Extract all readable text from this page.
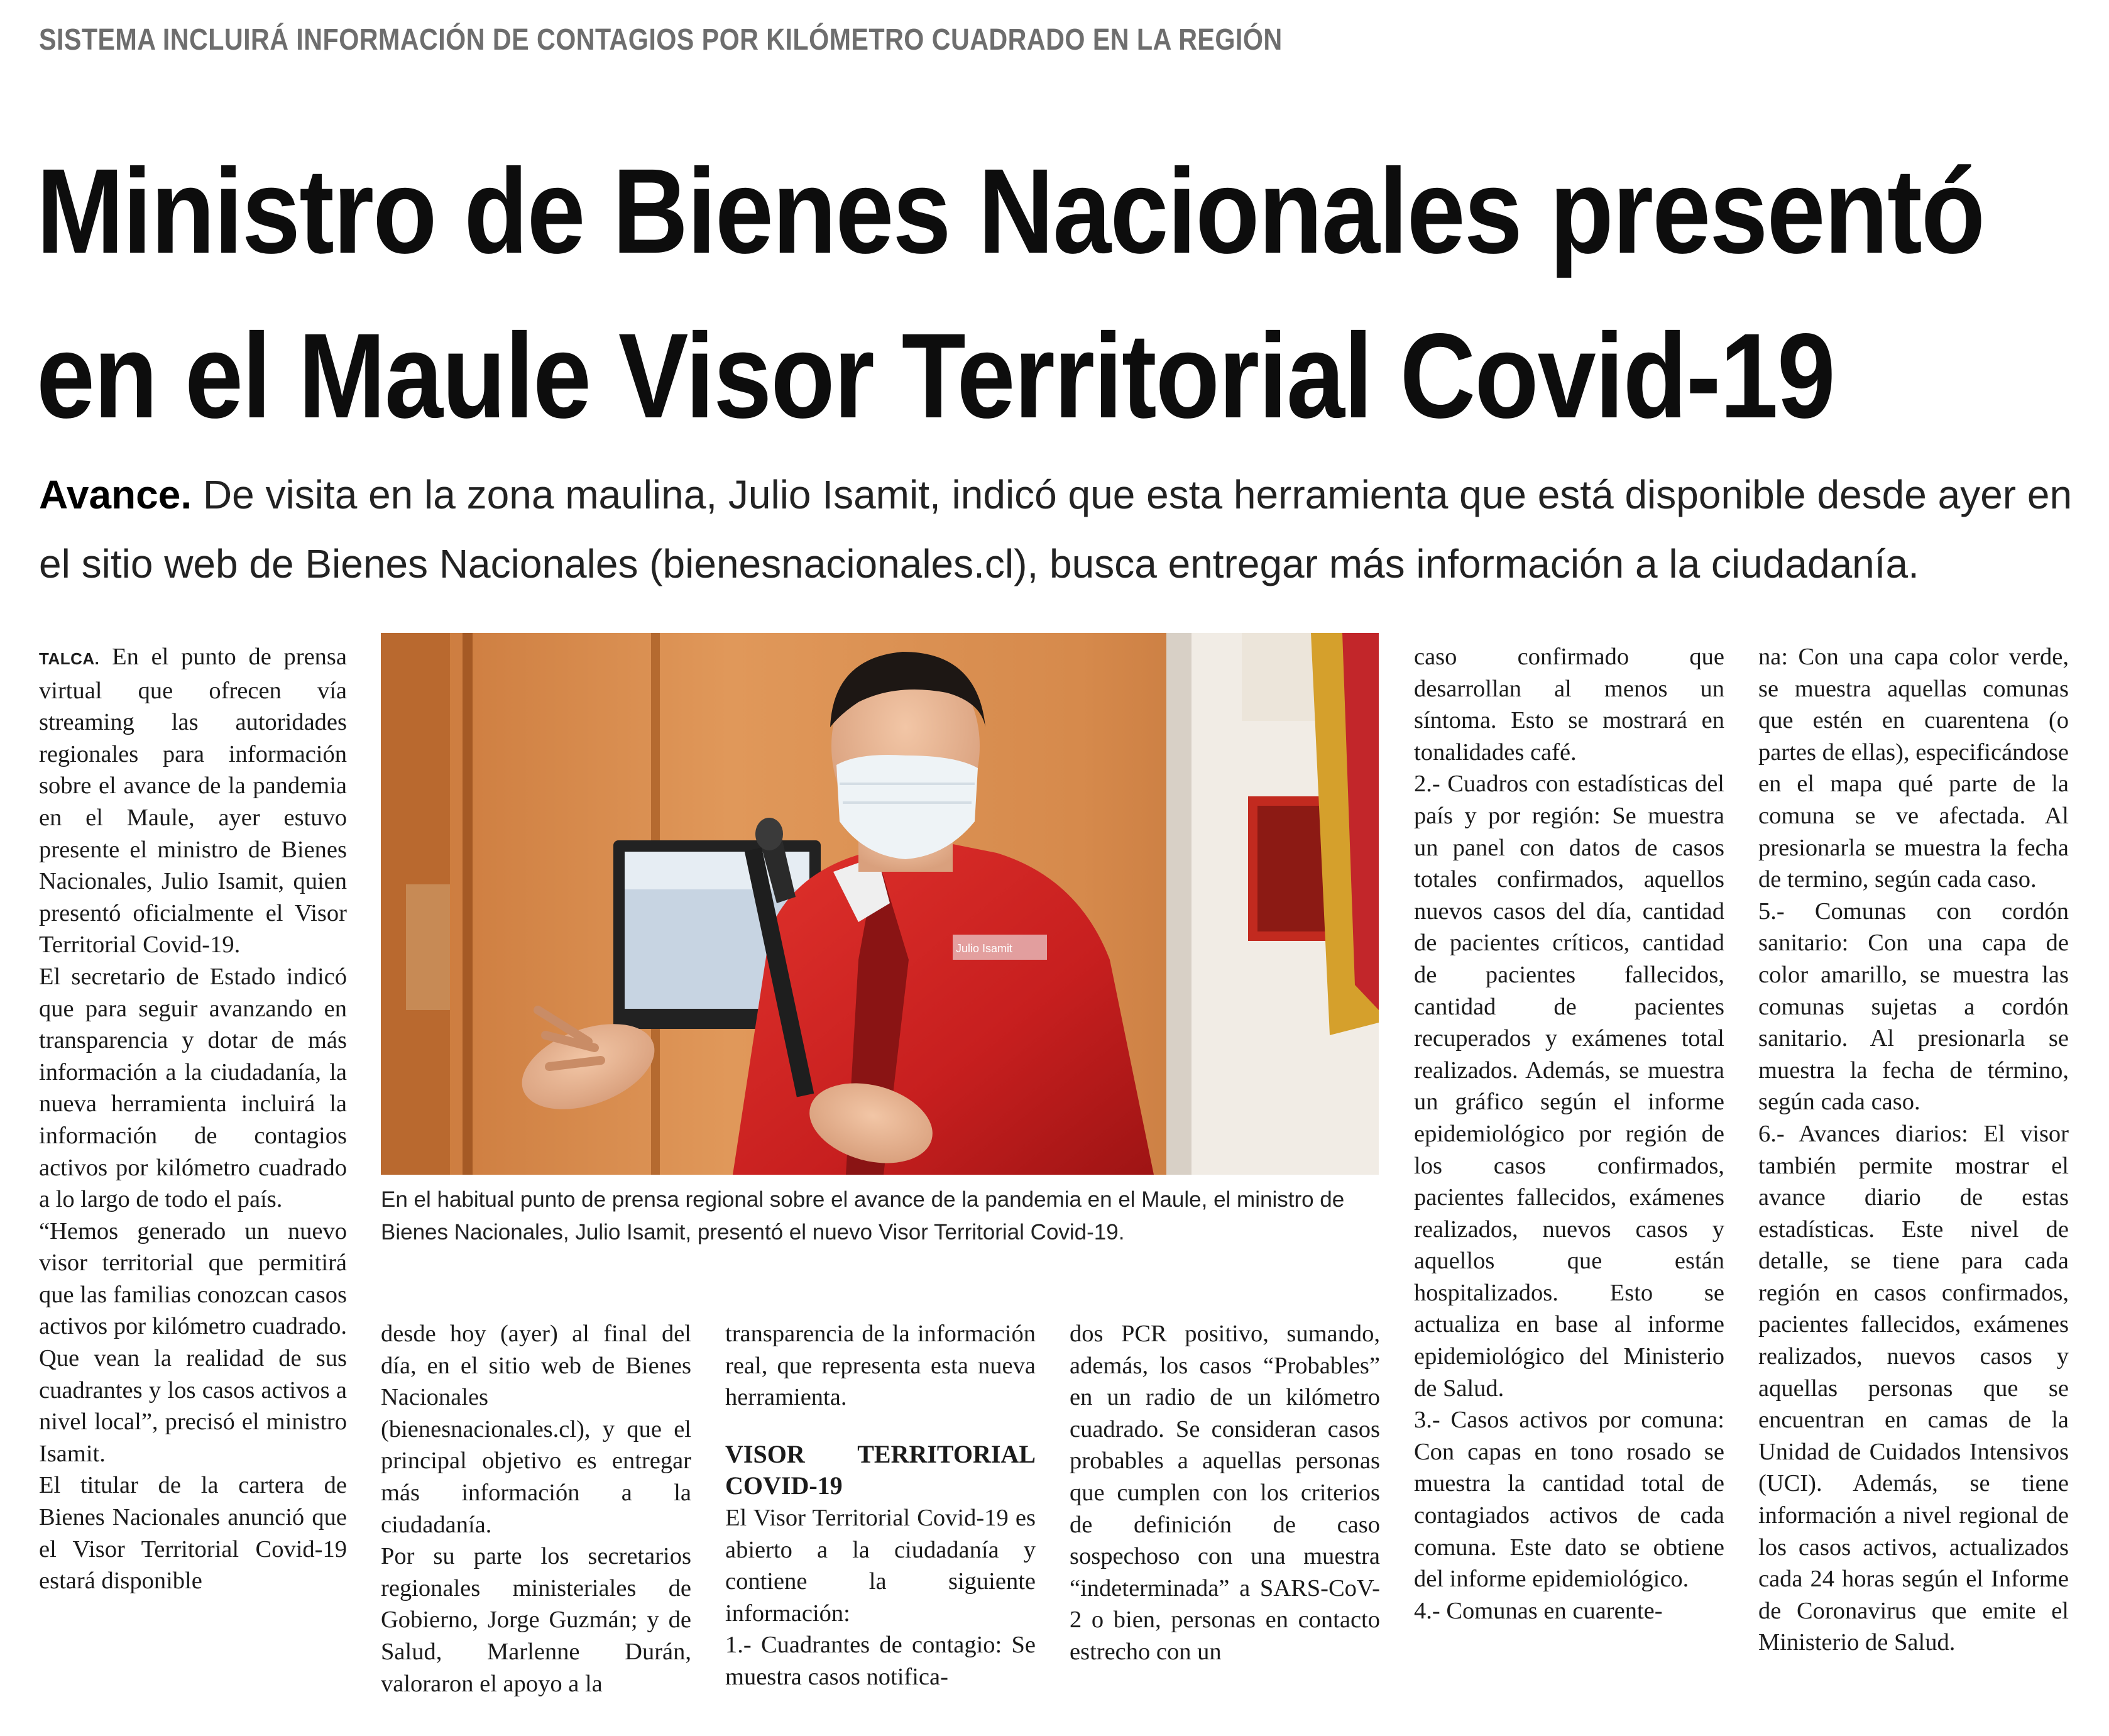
SISTEMA INCLUIRÁ INFORMACIÓN DE CONTAGIOS POR KILÓMETRO CUADRADO EN LA REGIÓN
Ministro de Bienes Nacionales presentó
en el Maule Visor Territorial Covid-19
Avance. De visita en la zona maulina, Julio Isamit, indicó que esta herramienta que está disponible desde ayer en el sitio web de Bienes Nacionales (bienesnacionales.cl), busca entregar más información a la ciudadanía.

TALCA. En el punto de prensa virtual que ofrecen vía streaming las autoridades regionales para información sobre el avance de la pandemia en el Maule, ayer estuvo presente el ministro de Bienes Nacionales, Julio Isamit, quien presentó oficialmente el Visor Territorial Covid-19.

El secretario de Estado indicó que para seguir avanzando en transparencia y dotar de más información a la ciudadanía, la nueva herramienta incluirá la información de contagios activos por kilómetro cuadrado a lo largo de todo el país.

“Hemos generado un nuevo visor territorial que permitirá que las familias conozcan casos activos por kilómetro cuadrado. Que vean la realidad de sus cuadrantes y los casos activos a nivel local”, precisó el ministro Isamit.

El titular de la cartera de Bienes Nacionales anunció que el Visor Territorial Covid-19 estará disponible

Julio Isamit
En el habitual punto de prensa regional sobre el avance de la pandemia en el Maule, el ministro de Bienes Nacionales, Julio Isamit, presentó el nuevo Visor Territorial Covid-19.

desde hoy (ayer) al final del día, en el sitio web de Bienes Nacionales (bienesnacionales.cl), y que el principal objetivo es entregar más información a la ciudadanía.

Por su parte los secretarios regionales ministeriales de Gobierno, Jorge Guzmán; y de Salud, Marlenne Durán, valoraron el apoyo a la

transparencia de la información real, que representa esta nueva herramienta.

VISOR TERRITORIAL COVID-19

El Visor Territorial Covid-19 es abierto a la ciudadanía y contiene la siguiente información:

1.- Cuadrantes de contagio: Se muestra casos notifica-

dos PCR positivo, sumando, además, los casos “Probables” en un radio de un kilómetro cuadrado. Se consideran casos probables a aquellas personas que cumplen con los criterios de definición de caso sospechoso con una muestra “indeterminada” a SARS-CoV-2 o bien, personas en contacto estrecho con un

caso confirmado que desarrollan al menos un síntoma. Esto se mostrará en tonalidades café.

2.- Cuadros con estadísticas del país y por región: Se muestra un panel con datos de casos totales confirmados, aquellos nuevos casos del día, cantidad de pacientes críticos, cantidad de pacientes fallecidos, cantidad de pacientes recuperados y exámenes total realizados. Además, se muestra un gráfico según el informe epidemiológico por región de los casos confirmados, pacientes fallecidos, exámenes realizados, nuevos casos y aquellos que están hospitalizados. Esto se actualiza en base al informe epidemiológico del Ministerio de Salud.

3.- Casos activos por comuna: Con capas en tono rosado se muestra la cantidad total de contagiados activos de cada comuna. Este dato se obtiene del informe epidemiológico.

4.- Comunas en cuarente-

na: Con una capa color verde, se muestra aquellas comunas que estén en cuarentena (o partes de ellas), especificándose en el mapa qué parte de la comuna se ve afectada. Al presionarla se muestra la fecha de termino, según cada caso.

5.- Comunas con cordón sanitario: Con una capa de color amarillo, se muestra las comunas sujetas a cordón sanitario. Al presionarla se muestra la fecha de término, según cada caso.

6.- Avances diarios: El visor también permite mostrar el avance diario de estas estadísticas. Este nivel de detalle, se tiene para cada región en casos confirmados, pacientes fallecidos, exámenes realizados, nuevos casos y aquellas personas que se encuentran en camas de la Unidad de Cuidados Intensivos (UCI). Además, se tiene información a nivel regional de los casos activos, actualizados cada 24 horas según el Informe de Coronavirus que emite el Ministerio de Salud.
